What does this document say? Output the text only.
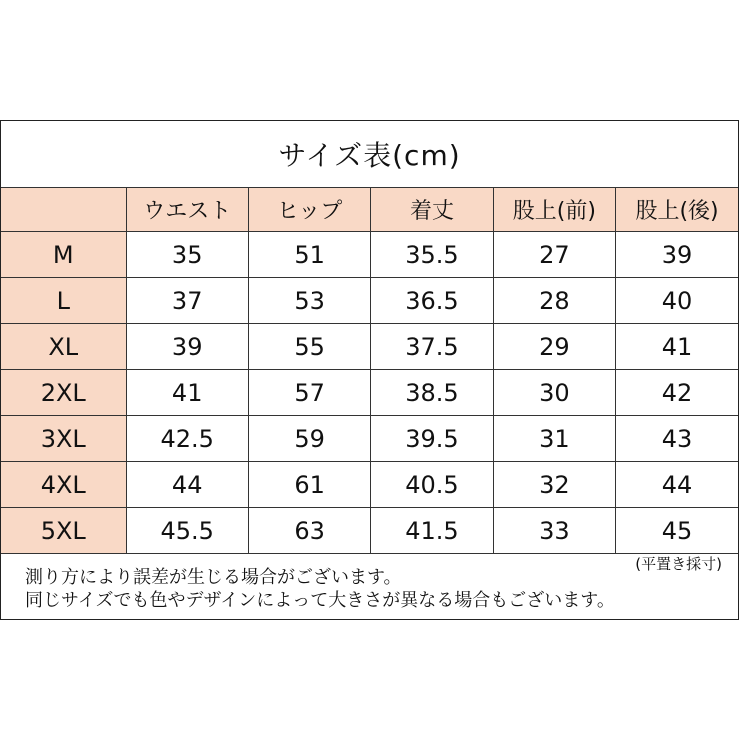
サイズ表(cm)
	ウエスト	ヒップ	着丈	股上(前)	股上(後)
M	35	51	35.5	27	39
L	37	53	36.5	28	40
XL	39	55	37.5	29	41
2XL	41	57	38.5	30	42
3XL	42.5	59	39.5	31	43
4XL	44	61	40.5	32	44
5XL	45.5	63	41.5	33	45
(平置き採寸)
測り方により誤差が生じる場合がございます。
同じサイズでも色やデザインによって大きさが異なる場合もございます。
